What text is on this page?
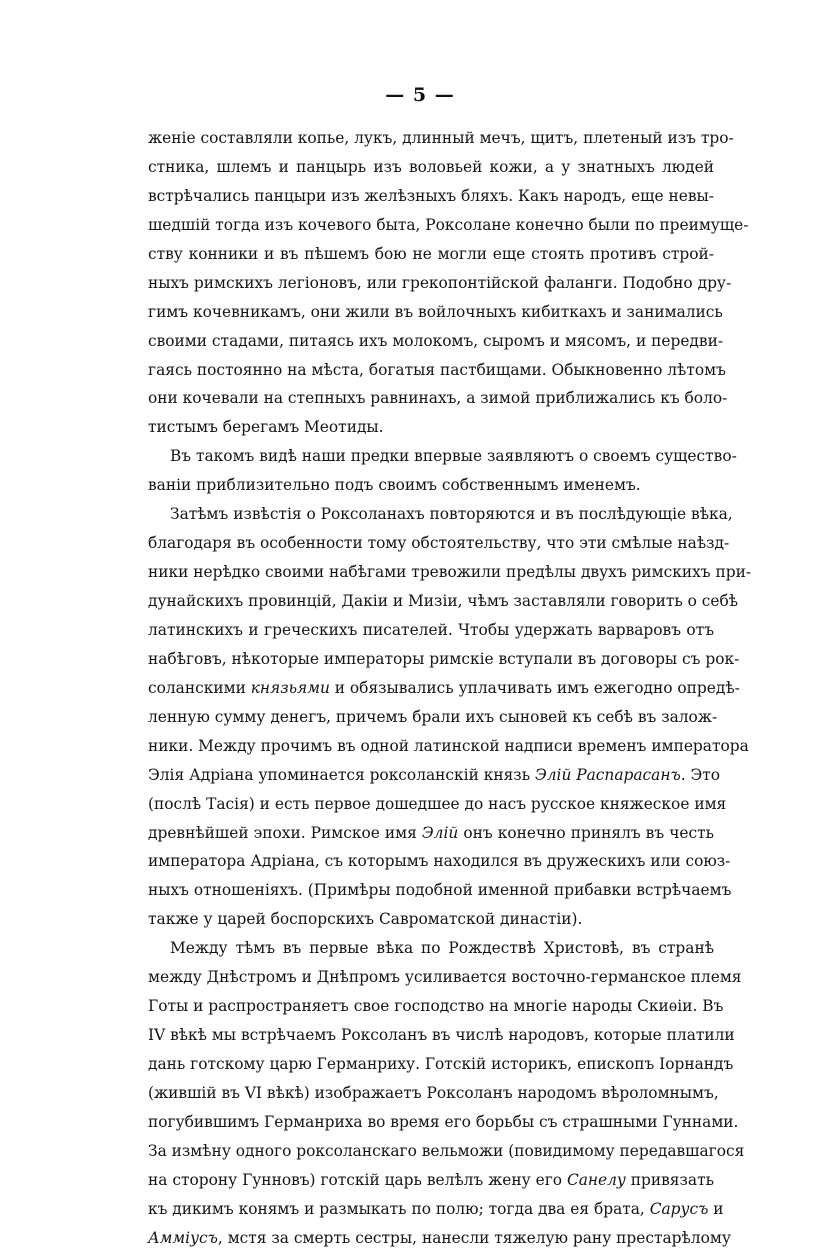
— 5 —
женіе составляли копье, лукъ, длинный мечъ, щитъ, плетеный изъ тро-
стника, шлемъ и панцырь изъ воловьей кожи, а у знатныхъ людей
встрѣчались панцыри изъ желѣзныхъ бляхъ. Какъ народъ, еще невы-
шедшій тогда изъ кочевого быта, Роксолане конечно были по преимуще-
ству конники и въ пѣшемъ бою не могли еще стоять противъ строй-
ныхъ римскихъ легіоновъ, или грекопонтійской фаланги. Подобно дру-
гимъ кочевникамъ, они жили въ войлочныхъ кибиткахъ и занимались
своими стадами, питаясь ихъ молокомъ, сыромъ и мясомъ, и передви-
гаясь постоянно на мѣста, богатыя пастбищами. Обыкновенно лѣтомъ
они кочевали на степныхъ равнинахъ, а зимой приближались къ боло-
тистымъ берегамъ Меотиды.
Въ такомъ видѣ наши предки впервые заявляютъ о своемъ существо-
ваніи приблизительно подъ своимъ собственнымъ именемъ.
Затѣмъ извѣстія о Роксоланахъ повторяются и въ послѣдующіе вѣка,
благодаря въ особенности тому обстоятельству, что эти смѣлые наѣзд-
ники нерѣдко своими набѣгами тревожили предѣлы двухъ римскихъ при-
дунайскихъ провинцій, Дакіи и Мизіи, чѣмъ заставляли говорить о себѣ
латинскихъ и греческихъ писателей. Чтобы удержать варваровъ отъ
набѣговъ, нѣкоторые императоры римскіе вступали въ договоры съ рок-
соланскими князьями и обязывались уплачивать имъ ежегодно опредѣ-
ленную сумму денегъ, причемъ брали ихъ сыновей къ себѣ въ залож-
ники. Между прочимъ въ одной латинской надписи временъ императора
Элія Адріана упоминается роксоланскій князь Элій Распарасанъ. Это
(послѣ Тасія) и есть первое дошедшее до насъ русское княжеское имя
древнѣйшей эпохи. Римское имя Элій онъ конечно принялъ въ честь
императора Адріана, съ которымъ находился въ дружескихъ или союз-
ныхъ отношеніяхъ. (Примѣры подобной именной прибавки встрѣчаемъ
также у царей боспорскихъ Савроматской династіи).
Между тѣмъ въ первые вѣка по Рождествѣ Христовѣ, въ странѣ
между Днѣстромъ и Днѣпромъ усиливается восточно-германское племя
Готы и распространяетъ свое господство на многіе народы Скиѳіи. Въ
IV вѣкѣ мы встрѣчаемъ Роксоланъ въ числѣ народовъ, которые платили
дань готскому царю Германриху. Готскій историкъ, епископъ Іорнандъ
(жившій въ VI вѣкѣ) изображаетъ Роксоланъ народомъ вѣроломнымъ,
погубившимъ Германриха во время его борьбы съ страшными Гуннами.
За измѣну одного роксоланскаго вельможи (повидимому передавшагося
на сторону Гунновъ) готскій царь велѣлъ жену его Санелу привязать
къ дикимъ конямъ и размыкать по полю; тогда два ея брата, Сарусъ и
Аммiусъ, мстя за смерть сестры, нанесли тяжелую рану престарѣлому
